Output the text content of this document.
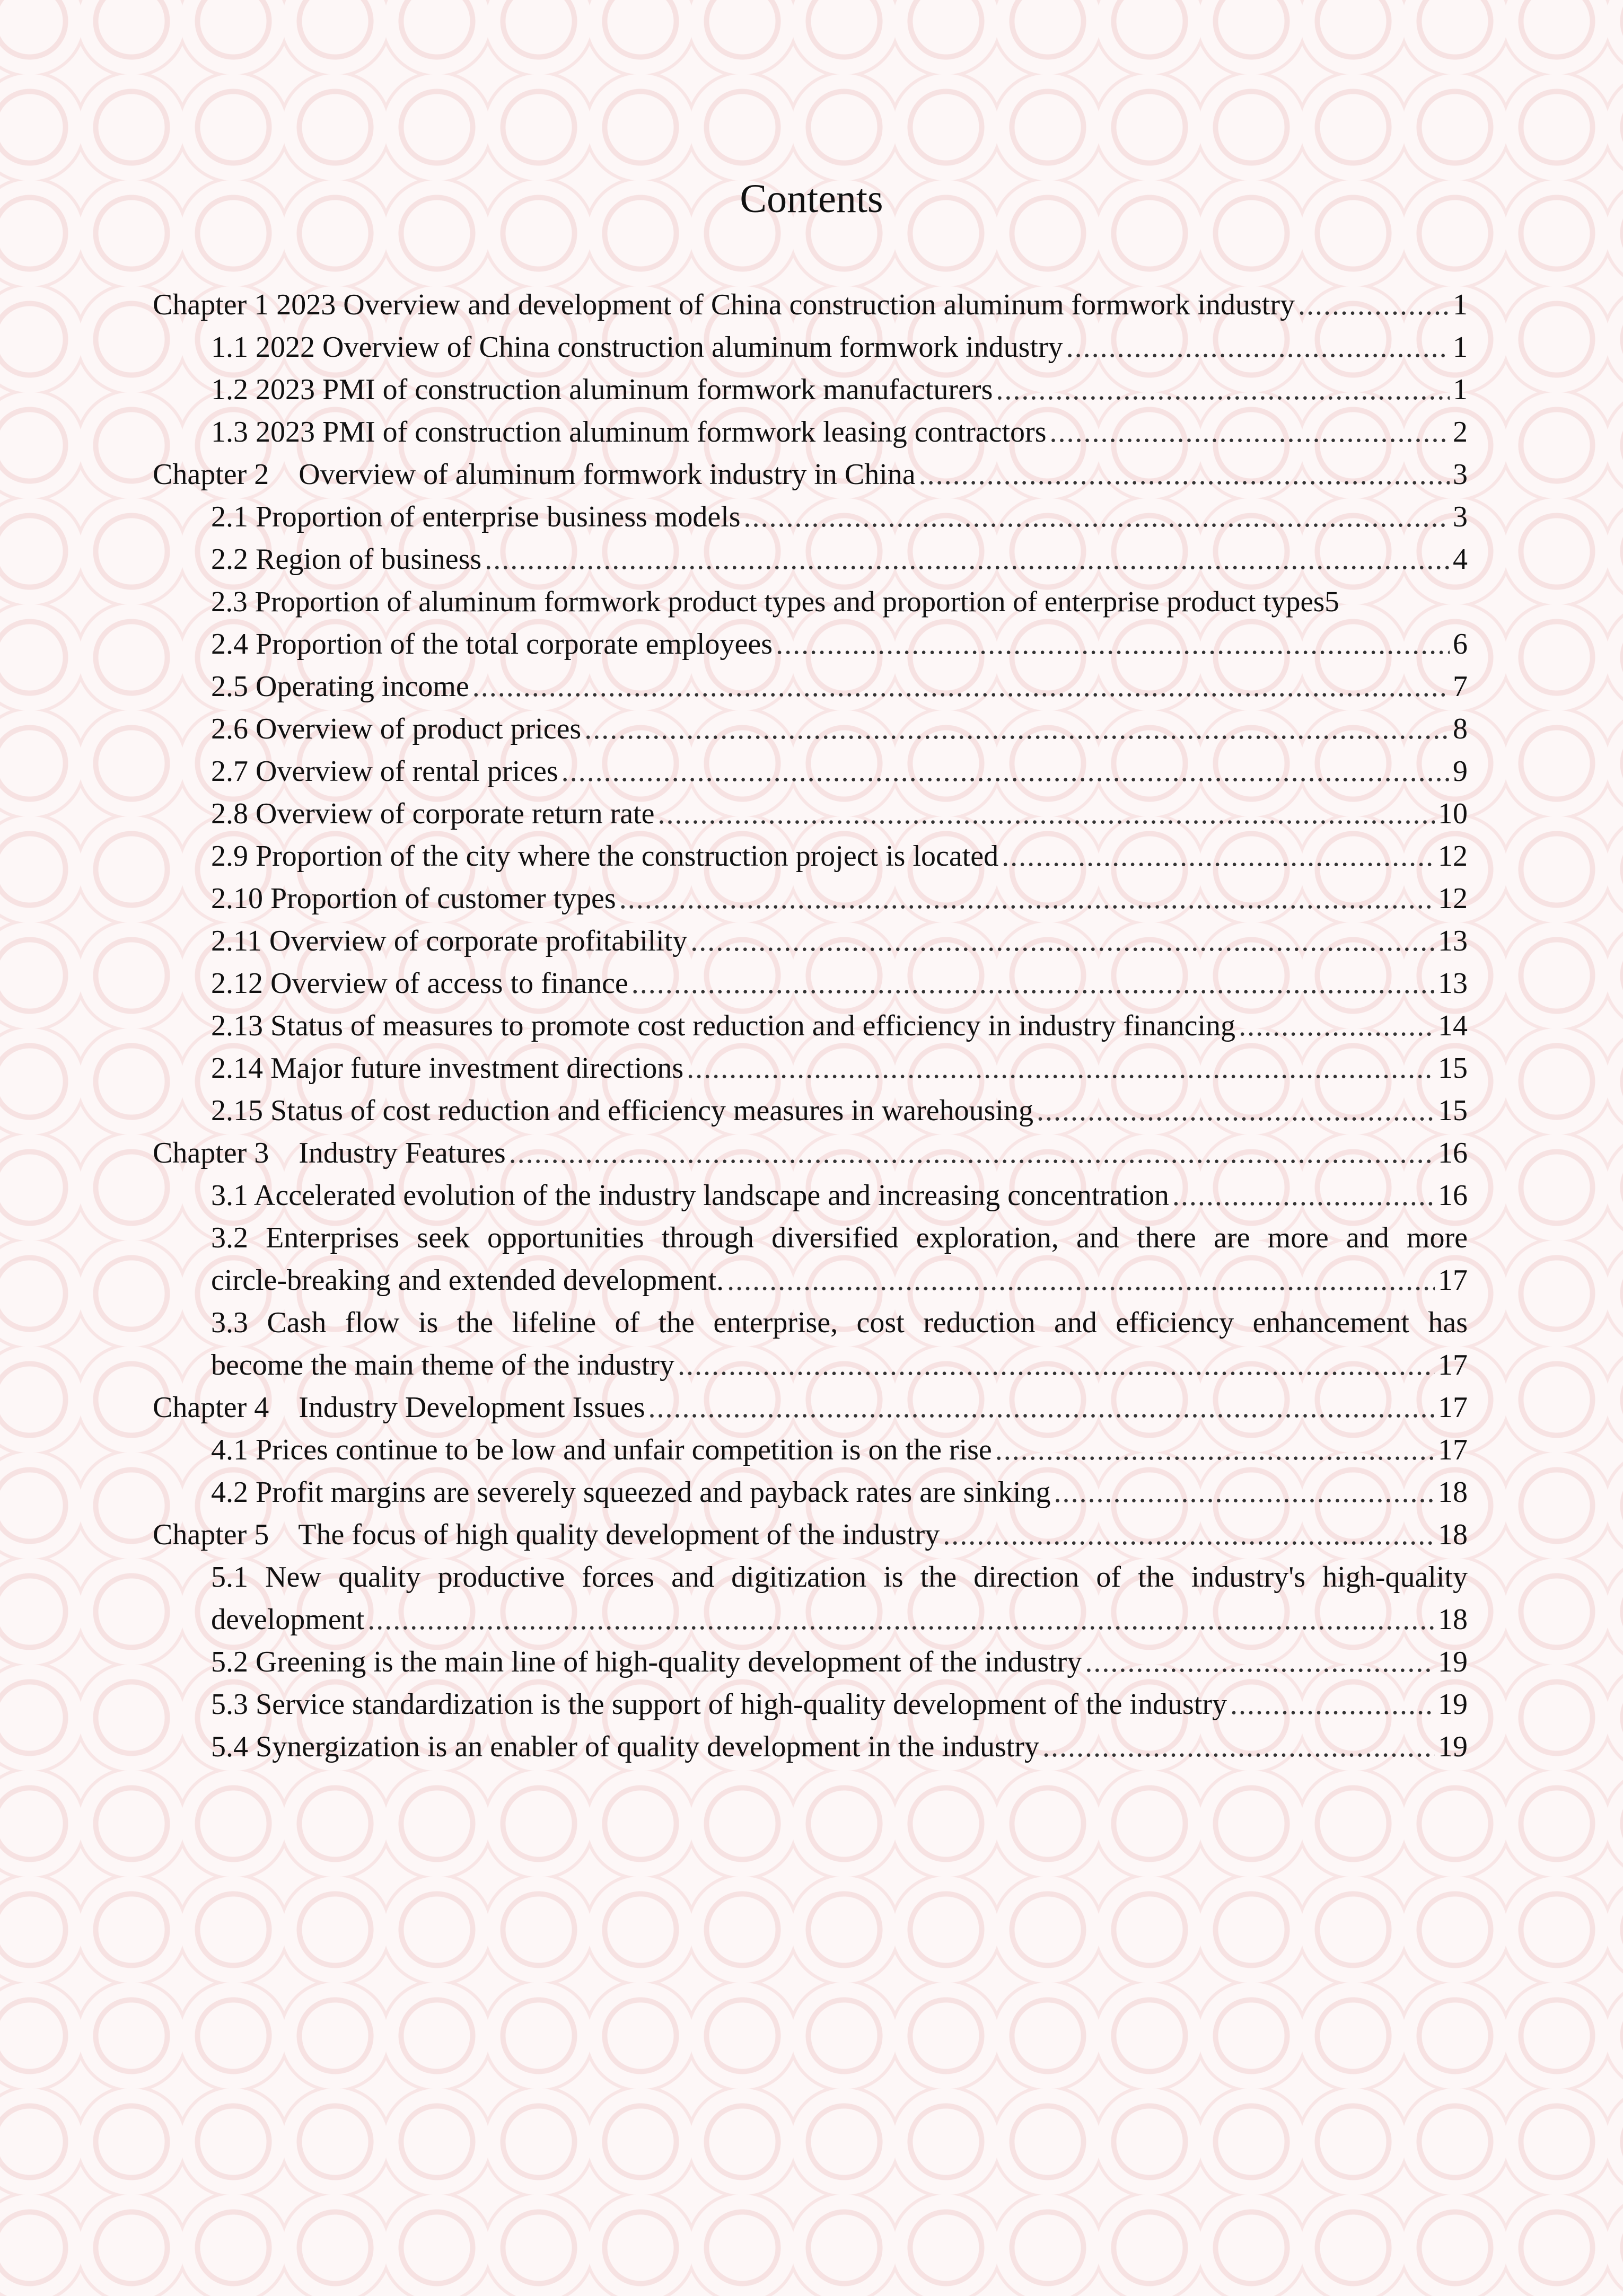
Contents
Chapter 1 2023 Overview and development of China construction aluminum formwork industry .....	1
1.1 2022 Overview of China construction aluminum formwork industry .....	1
1.2 2023 PMI of construction aluminum formwork manufacturers .....	1
1.3 2023 PMI of construction aluminum formwork leasing contractors .....	2
Chapter 2    Overview of aluminum formwork industry in China .....	3
2.1 Proportion of enterprise business models .....	3
2.2 Region of business .....	4
2.3 Proportion of aluminum formwork product types and proportion of enterprise product types 5
2.4 Proportion of the total corporate employees .....	6
2.5 Operating income .....	7
2.6 Overview of product prices .....	8
2.7 Overview of rental prices .....	9
2.8 Overview of corporate return rate .....	10
2.9 Proportion of the city where the construction project is located .....	12
2.10 Proportion of customer types .....	12
2.11 Overview of corporate profitability .....	13
2.12 Overview of access to finance .....	13
2.13 Status of measures to promote cost reduction and efficiency in industry financing .....	14
2.14 Major future investment directions .....	15
2.15 Status of cost reduction and efficiency measures in warehousing .....	15
Chapter 3    Industry Features .....	16
3.1 Accelerated evolution of the industry landscape and increasing concentration .....	16
3.2 Enterprises seek opportunities through diversified exploration, and there are more and more
circle-breaking and extended development. .....	17
3.3 Cash flow is the lifeline of the enterprise, cost reduction and efficiency enhancement has
become the main theme of the industry .....	17
Chapter 4    Industry Development Issues .....	17
4.1 Prices continue to be low and unfair competition is on the rise .....	17
4.2 Profit margins are severely squeezed and payback rates are sinking .....	18
Chapter 5    The focus of high quality development of the industry .....	18
5.1 New quality productive forces and digitization is the direction of the industry's high-quality
development .....	18
5.2 Greening is the main line of high-quality development of the industry .....	19
5.3 Service standardization is the support of high-quality development of the industry .....	19
5.4 Synergization is an enabler of quality development in the industry .....	19
